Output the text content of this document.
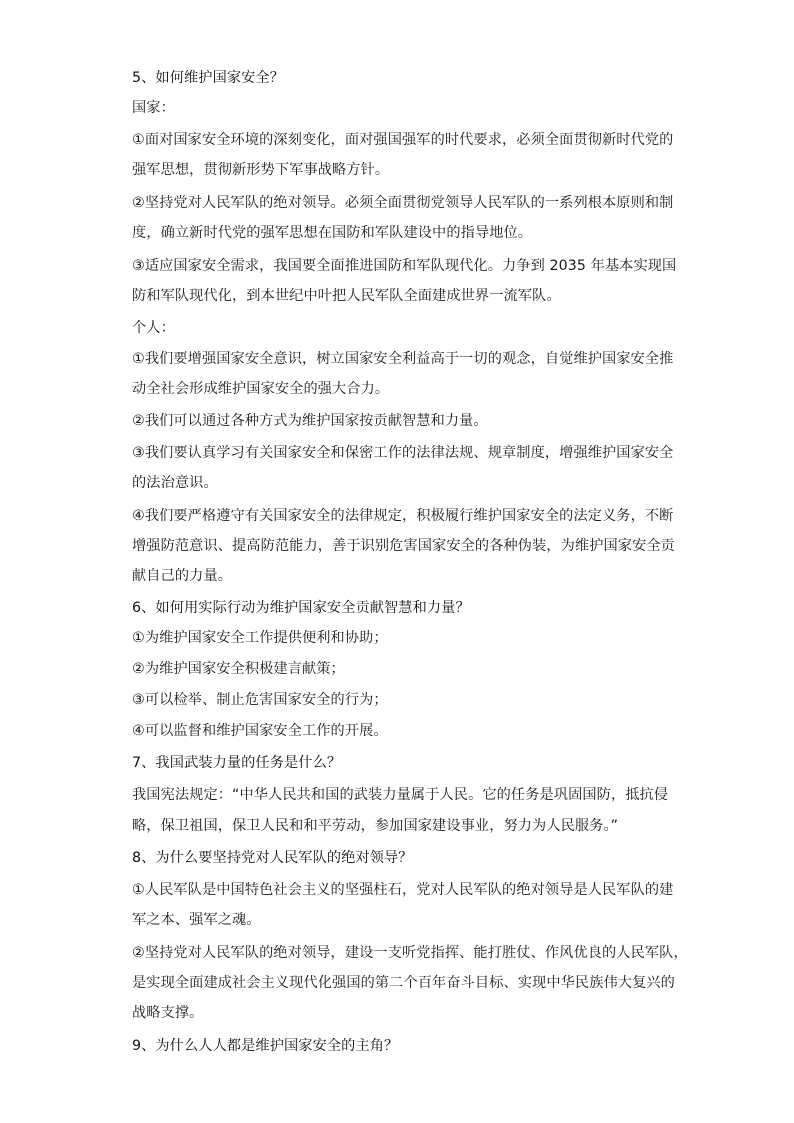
5、如何维护国家安全？
国家：
①面对国家安全环境的深刻变化，面对强国强军的时代要求，必须全面贯彻新时代党的
强军思想，贯彻新形势下军事战略方针。
②坚持党对人民军队的绝对领导。必须全面贯彻党领导人民军队的一系列根本原则和制
度，确立新时代党的强军思想在国防和军队建设中的指导地位。
③适应国家安全需求，我国要全面推进国防和军队现代化。力争到 2035 年基本实现国
防和军队现代化，到本世纪中叶把人民军队全面建成世界一流军队。
个人：
①我们要增强国家安全意识，树立国家安全利益高于一切的观念，自觉维护国家安全推
动全社会形成维护国家安全的强大合力。
②我们可以通过各种方式为维护国家按贡献智慧和力量。
③我们要认真学习有关国家安全和保密工作的法律法规、规章制度，增强维护国家安全
的法治意识。
④我们要严格遵守有关国家安全的法律规定，积极履行维护国家安全的法定义务，不断
增强防范意识、提高防范能力，善于识别危害国家安全的各种伪装，为维护国家安全贡
献自己的力量。
6、如何用实际行动为维护国家安全贡献智慧和力量？
①为维护国家安全工作提供便利和协助；
②为维护国家安全积极建言献策；
③可以检举、制止危害国家安全的行为；
④可以监督和维护国家安全工作的开展。
7、我国武装力量的任务是什么？
我国宪法规定：“中华人民共和国的武装力量属于人民。它的任务是巩固国防，抵抗侵
略，保卫祖国，保卫人民和和平劳动，参加国家建设事业，努力为人民服务。”
8、为什么要坚持党对人民军队的绝对领导？
①人民军队是中国特色社会主义的坚强柱石，党对人民军队的绝对领导是人民军队的建
军之本、强军之魂。
②坚持党对人民军队的绝对领导，建设一支听党指挥、能打胜仗、作风优良的人民军队，
是实现全面建成社会主义现代化强国的第二个百年奋斗目标、实现中华民族伟大复兴的
战略支撑。
9、为什么人人都是维护国家安全的主角？
